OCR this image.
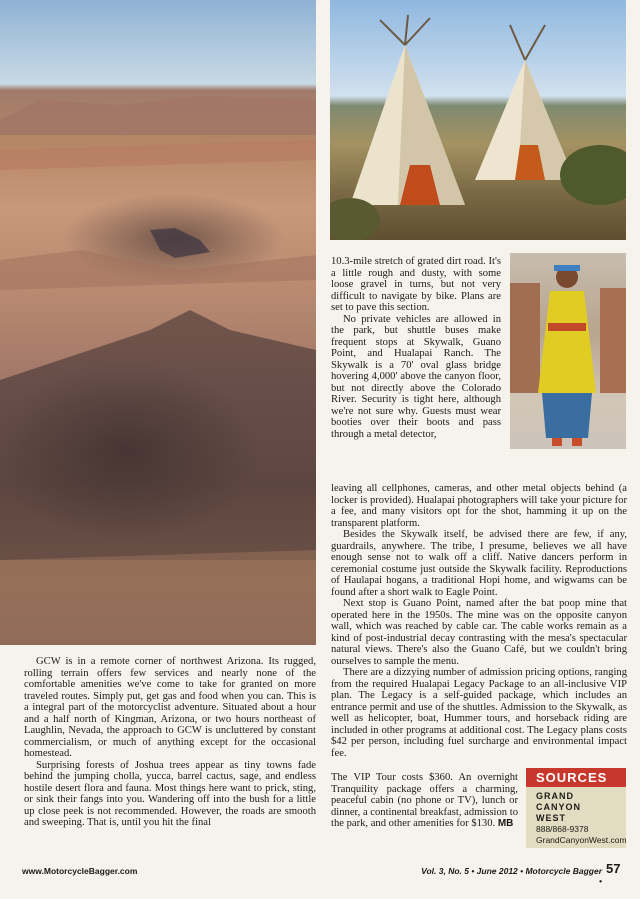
GCW is in a remote corner of northwest Arizona. Its rugged, rolling terrain offers few services and nearly none of the comfortable amenities we've come to take for granted on more traveled routes. Simply put, get gas and food when you can. This is a integral part of the motorcyclist adventure. Situated about a hour and a half north of Kingman, Arizona, or two hours northeast of Laughlin, Nevada, the approach to GCW is uncluttered by constant commercialism, or much of anything except for the occasional homestead.

Surprising forests of Joshua trees appear as tiny towns fade behind the jumping cholla, yucca, barrel cactus, sage, and endless hostile desert flora and fauna. Most things here want to prick, sting, or sink their fangs into you. Wandering off into the bush for a little up close peek is not recommended. However, the roads are smooth and sweeping. That is, until you hit the final

10.3-mile stretch of grated dirt road. It's a little rough and dusty, with some loose gravel in turns, but not very difficult to navigate by bike. Plans are set to pave this section.

No private vehicles are allowed in the park, but shuttle buses make frequent stops at Skywalk, Guano Point, and Hualapai Ranch. The Skywalk is a 70' oval glass bridge hovering 4,000' above the canyon floor, but not directly above the Colorado River. Security is tight here, although we're not sure why. Guests must wear booties over their boots and pass through a metal detector,

leaving all cellphones, cameras, and other metal objects behind (a locker is provided). Hualapai photographers will take your picture for a fee, and many visitors opt for the shot, hamming it up on the transparent platform.

Besides the Skywalk itself, be advised there are few, if any, guardrails, anywhere. The tribe, I presume, believes we all have enough sense not to walk off a cliff. Native dancers perform in ceremonial costume just outside the Skywalk facility. Reproductions of Haulapai hogans, a traditional Hopi home, and wigwams can be found after a short walk to Eagle Point.

Next stop is Guano Point, named after the bat poop mine that operated here in the 1950s. The mine was on the opposite canyon wall, which was reached by cable car. The cable works remain as a kind of post-industrial decay contrasting with the mesa's spectacular natural views. There's also the Guano Café, but we couldn't bring ourselves to sample the menu.

There are a dizzying number of admission pricing options, ranging from the required Hualapai Legacy Package to an all-inclusive VIP plan. The Legacy is a self-guided package, which includes an entrance permit and use of the shuttles. Admission to the Skywalk, as well as helicopter, boat, Hummer tours, and horseback riding are included in other programs at additional cost. The Legacy plans costs $42 per person, including fuel surcharge and environmental impact fee.

The VIP Tour costs $360. An overnight Tranquility package offers a charming, peaceful cabin (no phone or TV), lunch or dinner, a continental breakfast, admission to the park, and other amenities for $130. MB

SOURCES
GRAND CANYON
WEST
888/868-9378
GrandCanyonWest.com
www.MotorcycleBagger.com	Vol. 3, No. 5 • June 2012 • Motorcycle Bagger •
57
